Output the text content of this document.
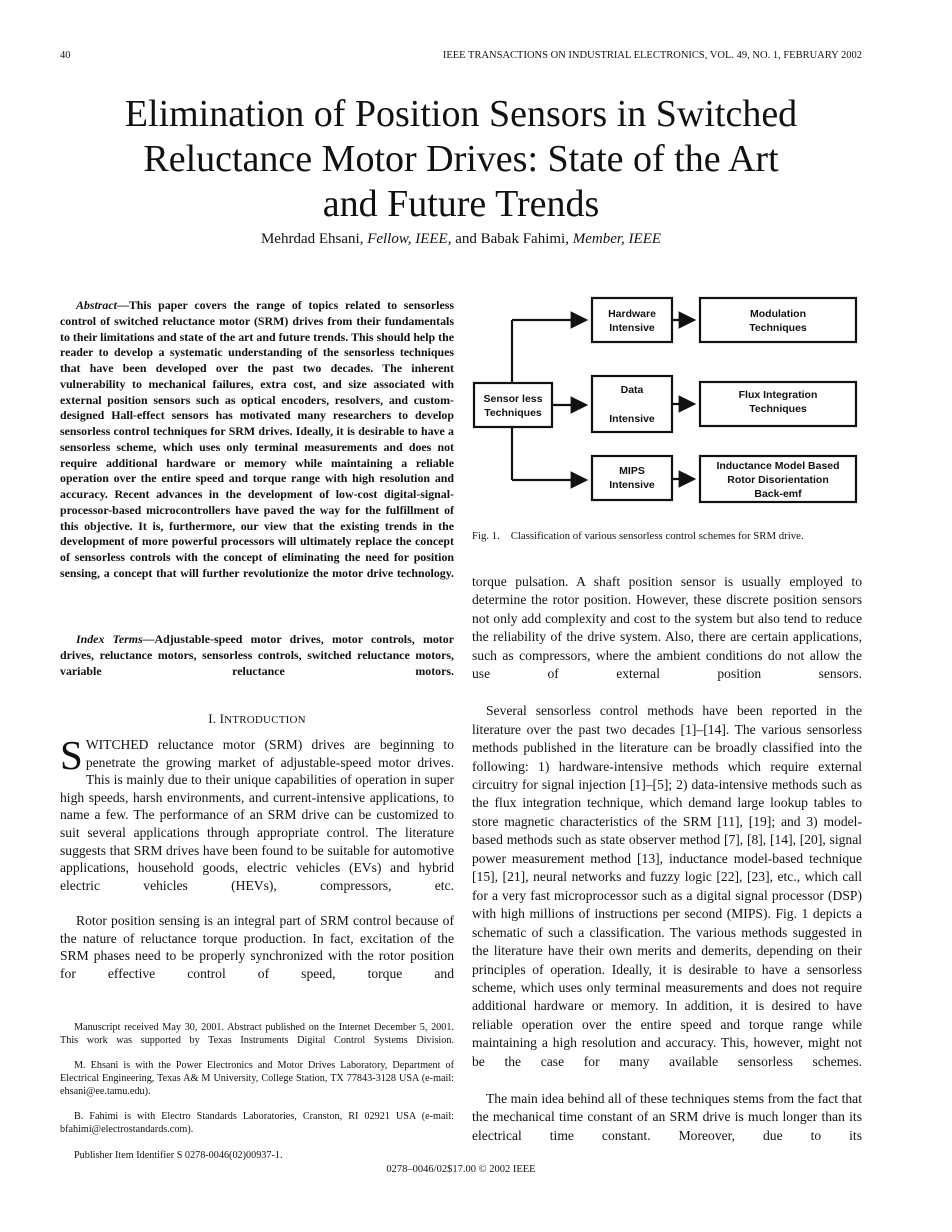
40	IEEE TRANSACTIONS ON INDUSTRIAL ELECTRONICS, VOL. 49, NO. 1, FEBRUARY 2002
Elimination of Position Sensors in Switched
Reluctance Motor Drives: State of the Art
and Future Trends
Mehrdad Ehsani, Fellow, IEEE, and Babak Fahimi, Member, IEEE
Abstract—This paper covers the range of topics related to sensorless control of switched reluctance motor (SRM) drives from their fundamentals to their limitations and state of the art and future trends. This should help the reader to develop a systematic understanding of the sensorless techniques that have been developed over the past two decades. The inherent vulnerability to mechanical failures, extra cost, and size associated with external position sensors such as optical encoders, resolvers, and custom-designed Hall-effect sensors has motivated many researchers to develop sensorless control techniques for SRM drives. Ideally, it is desirable to have a sensorless scheme, which uses only terminal measurements and does not require additional hardware or memory while maintaining a reliable operation over the entire speed and torque range with high resolution and accuracy. Recent advances in the development of low-cost digital-signal-processor-based microcontrollers have paved the way for the fulfillment of this objective. It is, furthermore, our view that the existing trends in the development of more powerful processors will ultimately replace the concept of sensorless controls with the concept of eliminating the need for position sensing, a concept that will further revolutionize the motor drive technology.
Index Terms—Adjustable-speed motor drives, motor controls, motor drives, reluctance motors, sensorless controls, switched reluctance motors, variable reluctance motors.
I. INTRODUCTION

SWITCHED reluctance motor (SRM) drives are beginning to penetrate the growing market of adjustable-speed motor drives. This is mainly due to their unique capabilities of operation in super high speeds, harsh environments, and current-intensive applications, to name a few. The performance of an SRM drive can be customized to suit several applications through appropriate control. The literature suggests that SRM drives have been found to be suitable for automotive applications, household goods, electric vehicles (EVs) and hybrid electric vehicles (HEVs), compressors, etc.

Rotor position sensing is an integral part of SRM control because of the nature of reluctance torque production. In fact, excitation of the SRM phases need to be properly synchronized with the rotor position for effective control of speed, torque and

Manuscript received May 30, 2001. Abstract published on the Internet December 5, 2001. This work was supported by Texas Instruments Digital Control Systems Division.

M. Ehsani is with the Power Electronics and Motor Drives Laboratory, Department of Electrical Engineering, Texas A& M University, College Station, TX 77843-3128 USA (e-mail: ehsani@ee.tamu.edu).

B. Fahimi is with Electro Standards Laboratories, Cranston, RI 02921 USA (e-mail: bfahimi@electrostandards.com).

Publisher Item Identifier S 0278-0046(02)00937-1.

Sensor less
Techniques
Hardware
Intensive
Data
Intensive
MIPS
Intensive
Modulation
Techniques
Flux Integration
Techniques
Inductance Model Based
Rotor Disorientation
Back-emf
Fig. 1.    Classification of various sensorless control schemes for SRM drive.

torque pulsation. A shaft position sensor is usually employed to determine the rotor position. However, these discrete position sensors not only add complexity and cost to the system but also tend to reduce the reliability of the drive system. Also, there are certain applications, such as compressors, where the ambient conditions do not allow the use of external position sensors.

Several sensorless control methods have been reported in the literature over the past two decades [1]–[14]. The various sensorless methods published in the literature can be broadly classified into the following: 1) hardware-intensive methods which require external circuitry for signal injection [1]–[5]; 2) data-intensive methods such as the flux integration technique, which demand large lookup tables to store magnetic characteristics of the SRM [11], [19]; and 3) model-based methods such as state observer method [7], [8], [14], [20], signal power measurement method [13], inductance model-based technique [15], [21], neural networks and fuzzy logic [22], [23], etc., which call for a very fast microprocessor such as a digital signal processor (DSP) with high millions of instructions per second (MIPS). Fig. 1 depicts a schematic of such a classification. The various methods suggested in the literature have their own merits and demerits, depending on their principles of operation. Ideally, it is desirable to have a sensorless scheme, which uses only terminal measurements and does not require additional hardware or memory. In addition, it is desired to have reliable operation over the entire speed and torque range while maintaining a high resolution and accuracy. This, however, might not be the case for many available sensorless schemes.

The main idea behind all of these techniques stems from the fact that the mechanical time constant of an SRM drive is much longer than its electrical time constant. Moreover, due to its

0278–0046/02$17.00 © 2002 IEEE
